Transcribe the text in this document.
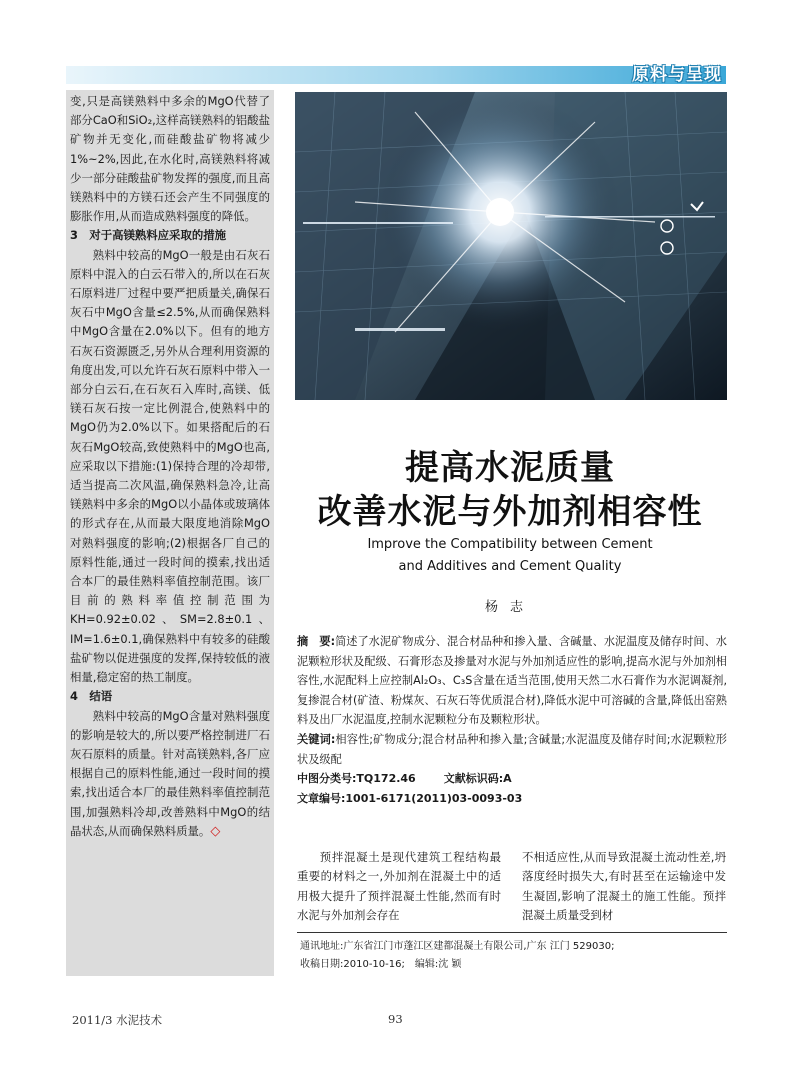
原料与呈现

变,只是高镁熟料中多余的MgO代替了部分CaO和SiO₂,这样高镁熟料的铝酸盐矿物并无变化,而硅酸盐矿物将减少1%~2%,因此,在水化时,高镁熟料将减少一部分硅酸盐矿物发挥的强度,而且高镁熟料中的方镁石还会产生不同强度的膨胀作用,从而造成熟料强度的降低。

3　对于高镁熟料应采取的措施

熟料中较高的MgO一般是由石灰石原料中混入的白云石带入的,所以在石灰石原料进厂过程中要严把质量关,确保石灰石中MgO含量≤2.5%,从而确保熟料中MgO含量在2.0%以下。但有的地方石灰石资源匮乏,另外从合理利用资源的角度出发,可以允许石灰石原料中带入一部分白云石,在石灰石入库时,高镁、低镁石灰石按一定比例混合,使熟料中的MgO仍为2.0%以下。如果搭配后的石灰石MgO较高,致使熟料中的MgO也高,应采取以下措施:(1)保持合理的冷却带,适当提高二次风温,确保熟料急冷,让高镁熟料中多余的MgO以小晶体或玻璃体的形式存在,从而最大限度地消除MgO对熟料强度的影响;(2)根据各厂自己的原料性能,通过一段时间的摸索,找出适合本厂的最佳熟料率值控制范围。该厂目前的熟料率值控制范围为KH=0.92±0.02、SM=2.8±0.1、IM=1.6±0.1,确保熟料中有较多的硅酸盐矿物以促进强度的发挥,保持较低的液相量,稳定窑的热工制度。

4　结语

熟料中较高的MgO含量对熟料强度的影响是较大的,所以要严格控制进厂石灰石原料的质量。针对高镁熟料,各厂应根据自己的原料性能,通过一段时间的摸索,找出适合本厂的最佳熟料率值控制范围,加强熟料冷却,改善熟料中MgO的结晶状态,从而确保熟料质量。◇

提高水泥质量

改善水泥与外加剂相容性

Improve the Compatibility between Cement

and Additives and Cement Quality

杨志

摘　要:简述了水泥矿物成分、混合材品种和掺入量、含碱量、水泥温度及储存时间、水泥颗粒形状及配级、石膏形态及掺量对水泥与外加剂适应性的影响,提高水泥与外加剂相容性,水泥配料上应控制Al₂O₃、C₃S含量在适当范围,使用天然二水石膏作为水泥调凝剂,复掺混合材(矿渣、粉煤灰、石灰石等优质混合材),降低水泥中可溶碱的含量,降低出窑熟料及出厂水泥温度,控制水泥颗粒分布及颗粒形状。

关键词:相容性;矿物成分;混合材品种和掺入量;含碱量;水泥温度及储存时间;水泥颗粒形状及级配

中图分类号:TQ172.46	文献标识码:A

文章编号:1001-6171(2011)03-0093-03

预拌混凝土是现代建筑工程结构最重要的材料之一,外加剂在混凝土中的适用极大提升了预拌混凝土性能,然而有时水泥与外加剂会存在

不相适应性,从而导致混凝土流动性差,坍落度经时损失大,有时甚至在运输途中发生凝固,影响了混凝土的施工性能。预拌混凝土质量受到材

通讯地址:广东省江门市蓬江区建都混凝土有限公司,广东 江门 529030;

收稿日期:2010-10-16;　编辑:沈 颖

2011/3 水泥技术	93
